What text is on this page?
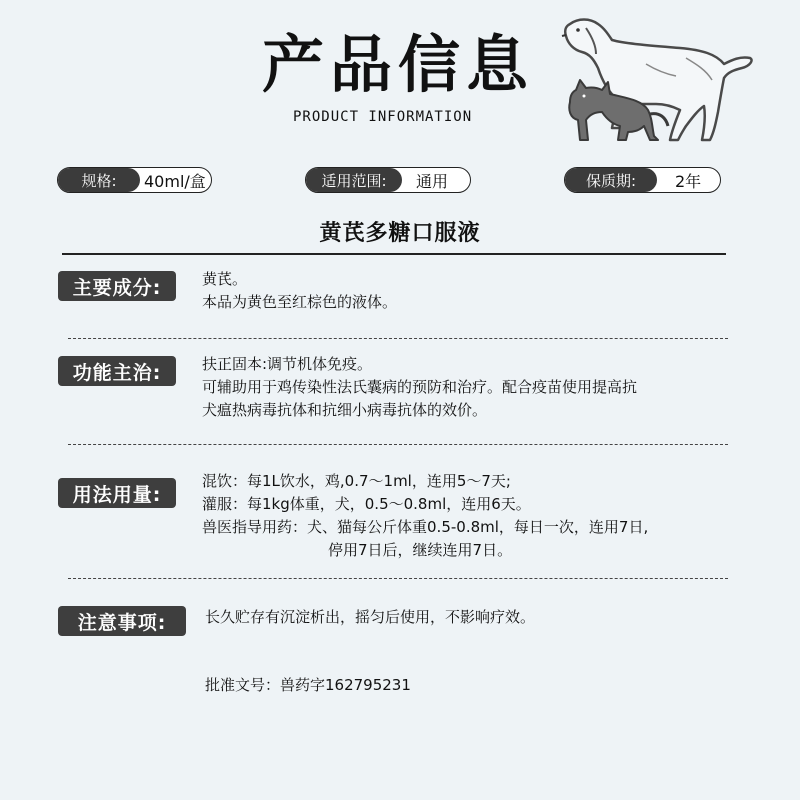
产品信息
PRODUCT INFORMATION
规格:	40ml/盒	适用范围:	通用	保质期:	2年
黄芪多糖口服液
主要成分:	黄芪。
本品为黄色至红棕色的液体。
功能主治:	扶正固本:调节机体免疫。
可辅助用于鸡传染性法氏囊病的预防和治疗。配合疫苗使用提高抗
犬瘟热病毒抗体和抗细小病毒抗体的效价。
用法用量:
混饮：每1L饮水，鸡,0.7～1ml，连用5～7天;
灌服：每1kg体重，犬，0.5～0.8ml，连用6天。
兽医指导用药：犬、猫每公斤体重0.5-0.8ml，每日一次，连用7日,
停用7日后，继续连用7日。
注意事项:	长久贮存有沉淀析出，摇匀后使用，不影响疗效。
批准文号：兽药字162795231
